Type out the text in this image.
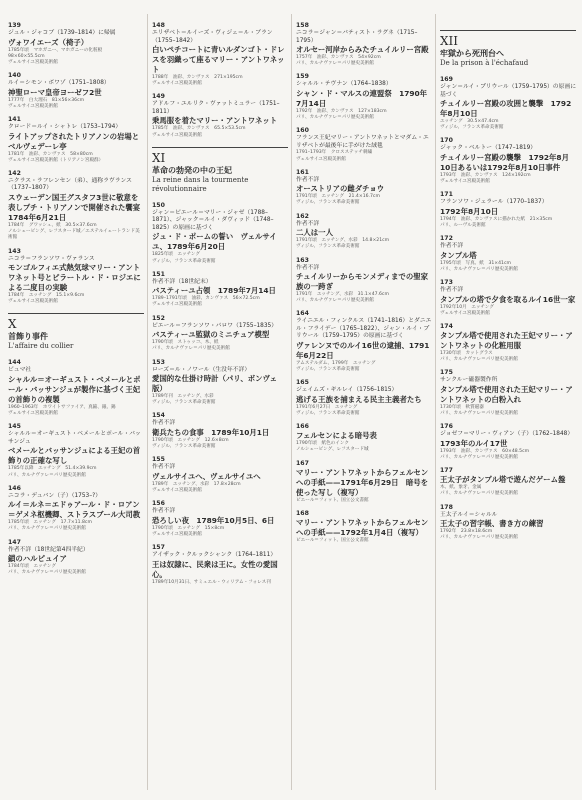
139
ジュル・ジャコブ（1739–1814）に帰属
ヴォワイエーズ（椅子）
1785年頃　マホガニー、マホガニーの化粧板
98×60×55.5cm
ヴェルサイユ宮殿美術館
140
ルイ＝シモン・ボワゾ（1751–1808）
神聖ローマ皇帝ヨーゼフ2世
1777年　白大理石　81×56×36cm
ヴェルサイユ宮殿美術館
141
クロード＝ルイ・シャトレ（1753–1794）
ライトアップされたトリアノンの岩場とベルヴェデーレ亭
1781年　油彩、カンヴァス　58×80cm
ヴェルサイユ宮殿美術館（トリアノン宮殿群）
142
ニクラス・ラフレンセン（弟）、通称ラヴランス（1737–1807）
スウェーデン国王グスタフ3世に敬意を表しプチ・トリアノンで開催された饗宴　1784年6月21日
1784年　グワッシュ、紙　30.5×37.6cm
ノルシェーピング、レフスタード城／エステルイェートランド美術館
143
ニコラ＝フランソワ・ヴァランス
モンゴルフィエ式熱気球マリー・アントワネット号とピラートル・ド・ロジエによる二度目の実験
1784年　エッチング　15.1×9.6cm
ヴェルサイユ宮殿美術館
X
首飾り事件
L'affaire du collier
144
ビュマ社
シャルル＝オーギュスト・ベメールとポール・バッサンジュが製作に基づく王妃の首飾りの複製
1960–1963年　ホワイトサファイア、真鍮、銀、錫
ヴェルサイユ宮殿美術館
145
シャルル＝オーギュスト・ベメールとポール・バッサンジュ
ベメールとバッサンジュによる王妃の首飾りの正確な写し
1785年以降　エッチング　51.4×39.9cm
パリ、カルナヴァレ＝パリ歴史美術館
146
ニコラ・デュバン（子）（1753–?）
ルイ＝ルネ＝エドゥアール・ド・ロアン＝ゲメネ枢機卿、ストラスブール大司教
1785年頃　エッチング　17.7×11.8cm
パリ、カルナヴァレ＝パリ歴史美術館
147
作者不詳（18世紀第4四半紀）
鎖のハルピュイア
1784年頃　エッチング
パリ、カルナヴァレ＝パリ歴史美術館
148
エリザベト＝ルイーズ・ヴィジェ＝ル・ブラン（1755–1842）
白いペチコートに青いルダンゴト・ドレスを羽織って座るマリー・アントワネット
1788年　油彩、カンヴァス　271×195cm
ヴェルサイユ宮殿美術館
149
アドルフ・ユルリク・ヴァットミュラー（1751–1811）
乗馬服を着たマリー・アントワネット
1785年　油彩、カンヴァス　65.5×53.5cm
ヴェルサイユ宮殿美術館
XI
革命の勃発の中の王妃
La reine dans la tourmente révolutionnaire
150
ジャン＝ピエール＝マリー・ジャゼ（1788–1871）、ジャック＝ルイ・ダヴィッド（1748–1825）の原画に基づく
ジュ・ド・ポームの誓い　ヴェルサイユ、1789年6月20日
1825年頃　エッチング
ヴィジル、フランス革命美術館
151
作者不詳（18世紀末）
バスティーユ占領　1789年7月14日
1789–1791年頃　油彩、カンヴァス　56×72.5cm
ヴェルサイユ宮殿美術館
152
ピエール＝フランソワ・パロワ（1755–1835）
バスティーユ監獄のミニチュア模型
1790年頃　ストゥッコ、木、紙
パリ、カルナヴァレ＝パリ歴史美術館
153
ローズ＝ル・ノワール（生没年不詳）
愛国的な仕掛け時計（パリ、ボンヴェ版）
1789年刊　エッチング、水彩
ヴィジル、フランス革命美術館
154
作者不詳
衛兵たちの食事　1789年10月1日
1790年頃　エッチング　12.6×8cm
ヴィジル、フランス革命美術館
155
作者不詳
ヴェルサイユへ、ヴェルサイユへ
1789年　エッチング、水彩　17.8×28cm
ヴェルサイユ宮殿美術館
156
作者不詳
恐ろしい夜　1789年10月5日、6日
1790年頃　エッチング　15×8cm
ヴェルサイユ宮殿美術館
157
アイザック・クルックシャンク（1764–1811）
王は奴隷に、民衆は王に。女性の愛国心。
1789年10月31日、サミュエル・ウィリアム・フォレス刊
158
ニコラ＝ジャン＝バティスト・ラグネ（1715–1795）
オルセー河岸からみたチュイルリー宮殿
1757年　油彩、カンヴァス　54×92cm
パリ、カルナヴァレ＝パリ歴史美術館
159
シャルル・テヴナン（1764–1838）
シャン・ド・マルスの連盟祭　1790年7月14日
1792年　油彩、カンヴァス　127×183cm
パリ、カルナヴァレ＝パリ歴史美術館
160
フランス王妃マリー・アントワネットとマダム・エリザベトが最後年に手がけた絨毯
1791–1793年　クロスステッチ刺繍
ヴェルサイユ宮殿美術館
161
作者不詳
オーストリアの雌ダチョウ
1791年頃　エッチング　21.4×16.7cm
ヴィジル、フランス革命美術館
162
作者不詳
二人は一人
1791年頃　エッチング、水彩　14.8×21cm
ヴィジル、フランス革命美術館
163
作者不詳
チュイルリーからモンメディまでの聖家族の一跨ぎ
1791年　エッチング、水彩　31.1×47.6cm
パリ、カルナヴァレ＝パリ歴史美術館
164
ライニエル・フィンクルス（1741–1816）とダニエル・フライデー（1765–1822）、ジャン・ルイ・プリウール（1759–1795）の原画に基づく
ヴァレンヌでのルイ16世の逮捕、1791年6月22日
アムステルダム、1799年　エッチング
ヴィジル、フランス革命美術館
165
ジェイムズ・ギルレイ（1756–1815）
逃げる王族を捕まえる民主主義者たち
1791年6月27日　エッチング
ヴィジル、フランス革命美術館
166
フェルセンによる暗号表
1790年頃　紙色のインク
ノルシェーピング、レフスタード城
167
マリー・アントワネットからフェルセンへの手紙——1791年6月29日　暗号を使った写し（複写）
ピエール＝フィット、国立公文書館
168
マリー・アントワネットからフェルセンへの手紙——1792年1月4日（複写）
ピエール＝フィット、国立公文書館
XII
牢獄から死刑台へ
De la prison à l'échafaud
169
ジャン＝ルイ・プリウール（1759–1795）の原画に基づく
チュイルリー宮殿の攻囲と襲撃　1792年8月10日
エッチング　30.5×47.4cm
ヴィジル、フランス革命美術館
170
ジャック・ベルトー（1747–1819）
チュイルリー宮殿の襲撃　1792年8月10日あるいは1792年8月10日事件
1793年　油彩、カンヴァス　124×192cm
ヴェルサイユ宮殿美術館
171
フランソワ・ジェラール（1770–1837）
1792年8月10日
1794年　油彩、カンヴァスに描かれた紙　21×35cm
パリ、ルーヴル美術館
172
作者不詳
タンプル塔
1795年頃　写真、紙　31×41cm
パリ、カルナヴァレ＝パリ歴史美術館
173
作者不詳
タンプルの塔で夕食を取るルイ16世一家
1792年10月　エッチング
ヴェルサイユ宮殿美術館
174
タンプル塔で使用された王妃マリー・アントワネットの化粧用服
1730年頃　カットグラス
パリ、カルナヴァレ＝パリ歴史美術館
175
サンクルー磁器製作所
タンプル塔で使用された王妃マリー・アントワネットの白粉入れ
1730年頃　軟質磁器
パリ、カルナヴァレ＝パリ歴史美術館
176
ジョゼフ＝マリー・ヴィアン（子）（1762–1848）
1793年のルイ17世
1793年　油彩、カンヴァス　60×48.5cm
パリ、カルナヴァレ＝パリ歴史美術館
177
王太子がタンプル塔で遊んだゲーム盤
木、紙、象牙、金属
パリ、カルナヴァレ＝パリ歴史美術館
178
王太子ルイ＝シャルル
王太子の習字帳、書き方の練習
1792年　23.8×18.6cm
パリ、カルナヴァレ＝パリ歴史美術館
